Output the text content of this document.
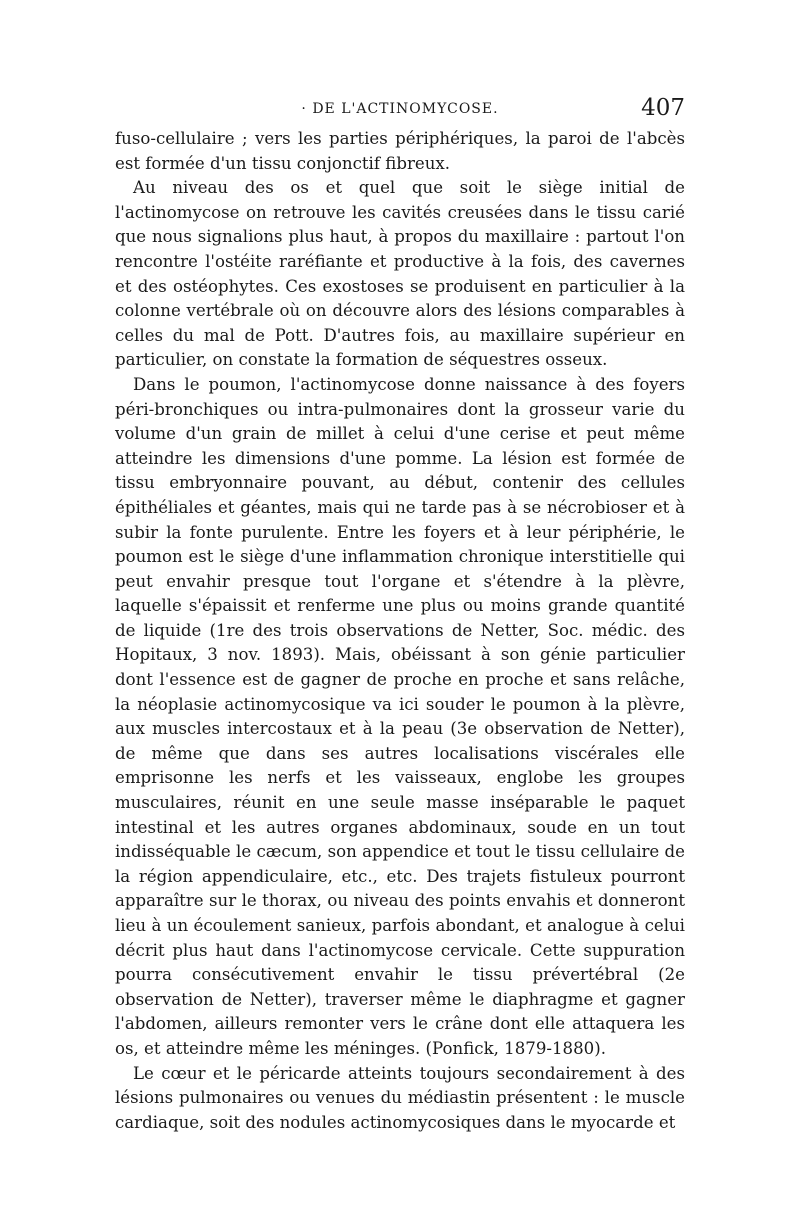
· DE L'ACTINOMYCOSE.	407

fuso-cellulaire ; vers les parties périphériques, la paroi de l'abcès est formée d'un tissu conjonctif fibreux.

Au niveau des os et quel que soit le siège initial de l'actinomycose on retrouve les cavités creusées dans le tissu carié que nous signalions plus haut, à propos du maxillaire : partout l'on rencontre l'ostéite raréfiante et productive à la fois, des cavernes et des ostéophytes. Ces exostoses se produisent en particulier à la colonne vertébrale où on découvre alors des lésions comparables à celles du mal de Pott. D'autres fois, au maxillaire supérieur en particulier, on constate la formation de séquestres osseux.

Dans le poumon, l'actinomycose donne naissance à des foyers péri-bronchiques ou intra-pulmonaires dont la grosseur varie du volume d'un grain de millet à celui d'une cerise et peut même atteindre les dimensions d'une pomme. La lésion est formée de tissu embryonnaire pouvant, au début, contenir des cellules épithéliales et géantes, mais qui ne tarde pas à se nécrobioser et à subir la fonte purulente. Entre les foyers et à leur périphérie, le poumon est le siège d'une inflammation chronique interstitielle qui peut envahir presque tout l'organe et s'étendre à la plèvre, laquelle s'épaissit et renferme une plus ou moins grande quantité de liquide (1re des trois observations de Netter, Soc. médic. des Hopitaux, 3 nov. 1893). Mais, obéissant à son génie particulier dont l'essence est de gagner de proche en proche et sans relâche, la néoplasie actinomycosique va ici souder le poumon à la plèvre, aux muscles intercostaux et à la peau (3e observation de Netter), de même que dans ses autres localisations viscérales elle emprisonne les nerfs et les vaisseaux, englobe les groupes musculaires, réunit en une seule masse inséparable le paquet intestinal et les autres organes abdominaux, soude en un tout indisséquable le cæcum, son appendice et tout le tissu cellulaire de la région appendiculaire, etc., etc. Des trajets fistuleux pourront apparaître sur le thorax, ou niveau des points envahis et donneront lieu à un écoulement sanieux, parfois abondant, et analogue à celui décrit plus haut dans l'actinomycose cervicale. Cette suppuration pourra consécutivement envahir le tissu prévertébral (2e observation de Netter), traverser même le diaphragme et gagner l'abdomen, ailleurs remonter vers le crâne dont elle attaquera les os, et atteindre même les méninges. (Ponfick, 1879-1880).

Le cœur et le péricarde atteints toujours secondairement à des lésions pulmonaires ou venues du médiastin présentent : le muscle cardiaque, soit des nodules actinomycosiques dans le myocarde et
